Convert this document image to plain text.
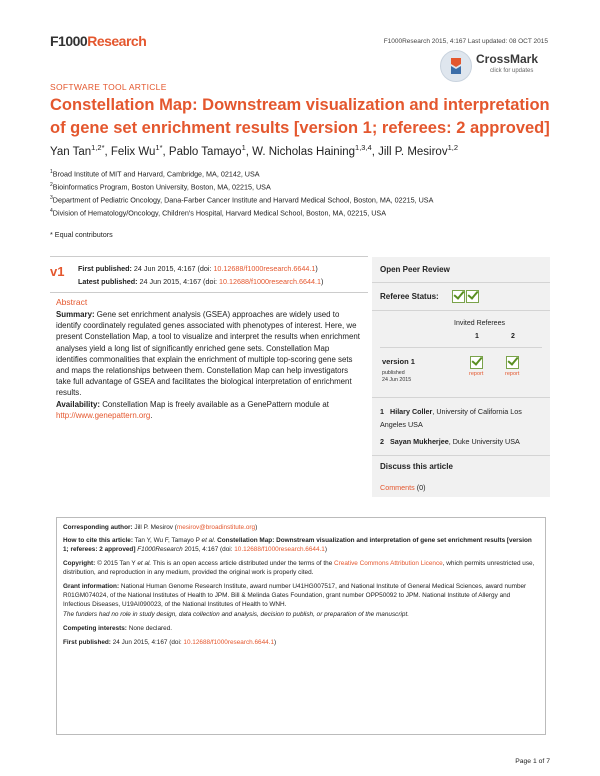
F1000Research	F1000Research 2015, 4:167 Last updated: 08 OCT 2015
CrossMark
click for updates
SOFTWARE TOOL ARTICLE
Constellation Map: Downstream visualization and interpretation of gene set enrichment results [version 1; referees: 2 approved]
Yan Tan$^{1,2*}$, Felix $Wu^{1*}$, Pablo Tamayo$^1$, W. Nicholas Haining$^{1,3,4}$, Jill P. Mesirov$^{1,2}$
$^1$Broad Institute of MIT and Harvard, Cambridge, MA, 02142, USA
$^2$Bioinformatics Program, Boston University, Boston, MA, 02215, USA
$^3$Department of Pediatric Oncology, Dana-Farber Cancer Institute and Harvard Medical School, Boston, MA, 02215, USA
$^4$Division of Hematology/Oncology, Children's Hospital, Harvard Medical School, Boston, MA, 02215, USA
* Equal contributors
v1 First published: 24 Jun 2015, 4:167 (doi: 10.12688/f1000research.6644.1)
Latest published: 24 Jun 2015, 4:167 (doi: 10.12688/f1000research.6644.1)
Abstract
Summary: Gene set enrichment analysis (GSEA) approaches are widely used to identify coordinately regulated genes associated with phenotypes of interest. Here, we present Constellation Map, a tool to visualize and interpret the results when enrichment analyses yield a long list of significantly enriched gene sets. Constellation Map identifies commonalities that explain the enrichment of multiple top-scoring gene sets and maps the relationships between them. Constellation Map can help investigators take full advantage of GSEA and facilitates the biological interpretation of enrichment results.
Availability: Constellation Map is freely available as a GenePattern module at http://www.genepattern.org.
Open Peer Review
Referee Status:
Invited Referees
1	2
version 1
published
24 Jun 2015
report	report
1 Hilary Coller, University of California Los Angeles USA
2 Sayan Mukherjee, Duke University USA
Discuss this article
Comments (0)
Corresponding author: Jill P. Mesirov (mesirov@broadinstitute.org)
How to cite this article: Tan Y, Wu F, Tamayo P et al. Constellation Map: Downstream visualization and interpretation of gene set enrichment results [version 1; referees: 2 approved] F1000Research 2015, 4:167 (doi: 10.12688/f1000research.6644.1)
Copyright: © 2015 Tan Y et al. This is an open access article distributed under the terms of the Creative Commons Attribution Licence, which permits unrestricted use, distribution, and reproduction in any medium, provided the original work is properly cited.
Grant information: National Human Genome Research Institute, award number U41HG007517, and National Institute of General Medical Sciences, award number R01GM074024, of the National Institutes of Health to JPM. Bill & Melinda Gates Foundation, grant number OPP50092 to JPM. National Institute of Allergy and Infectious Diseases, U19AI090023, of the National Institutes of Health to WNH.
The funders had no role in study design, data collection and analysis, decision to publish, or preparation of the manuscript.
Competing interests: None declared.
First published: 24 Jun 2015, 4:167 (doi: 10.12688/f1000research.6644.1)
Page 1 of 7
